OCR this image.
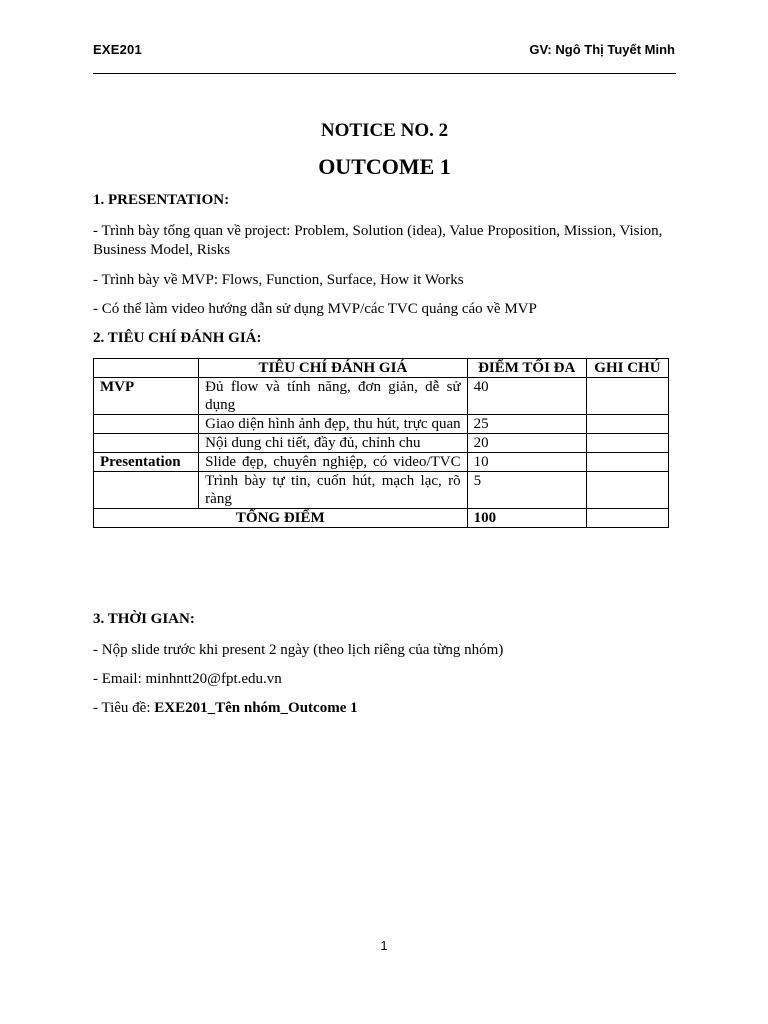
EXE201	GV: Ngô Thị Tuyết Minh
NOTICE NO. 2
OUTCOME 1
1. PRESENTATION:
- Trình bày tổng quan về project: Problem, Solution (idea), Value Proposition, Mission, Vision, Business Model, Risks
- Trình bày về MVP: Flows, Function, Surface, How it Works
- Có thể làm video hướng dẫn sử dụng MVP/các TVC quảng cáo về MVP
2. TIÊU CHÍ ĐÁNH GIÁ:
	TIÊU CHÍ ĐÁNH GIÁ	ĐIỂM TỐI ĐA	GHI CHÚ
MVP	Đủ flow và tính năng, đơn giản, dễ sử dụng	40	
	Giao diện hình ảnh đẹp, thu hút, trực quan	25	
	Nội dung chi tiết, đầy đủ, chỉnh chu	20	
Presentation	Slide đẹp, chuyên nghiệp, có video/TVC	10	
	Trình bày tự tin, cuốn hút, mạch lạc, rõ ràng	5	
TỔNG ĐIỂM		100	
3. THỜI GIAN:
- Nộp slide trước khi present 2 ngày (theo lịch riêng của từng nhóm)
- Email: minhntt20@fpt.edu.vn
- Tiêu đề: EXE201_Tên nhóm_Outcome 1
1
